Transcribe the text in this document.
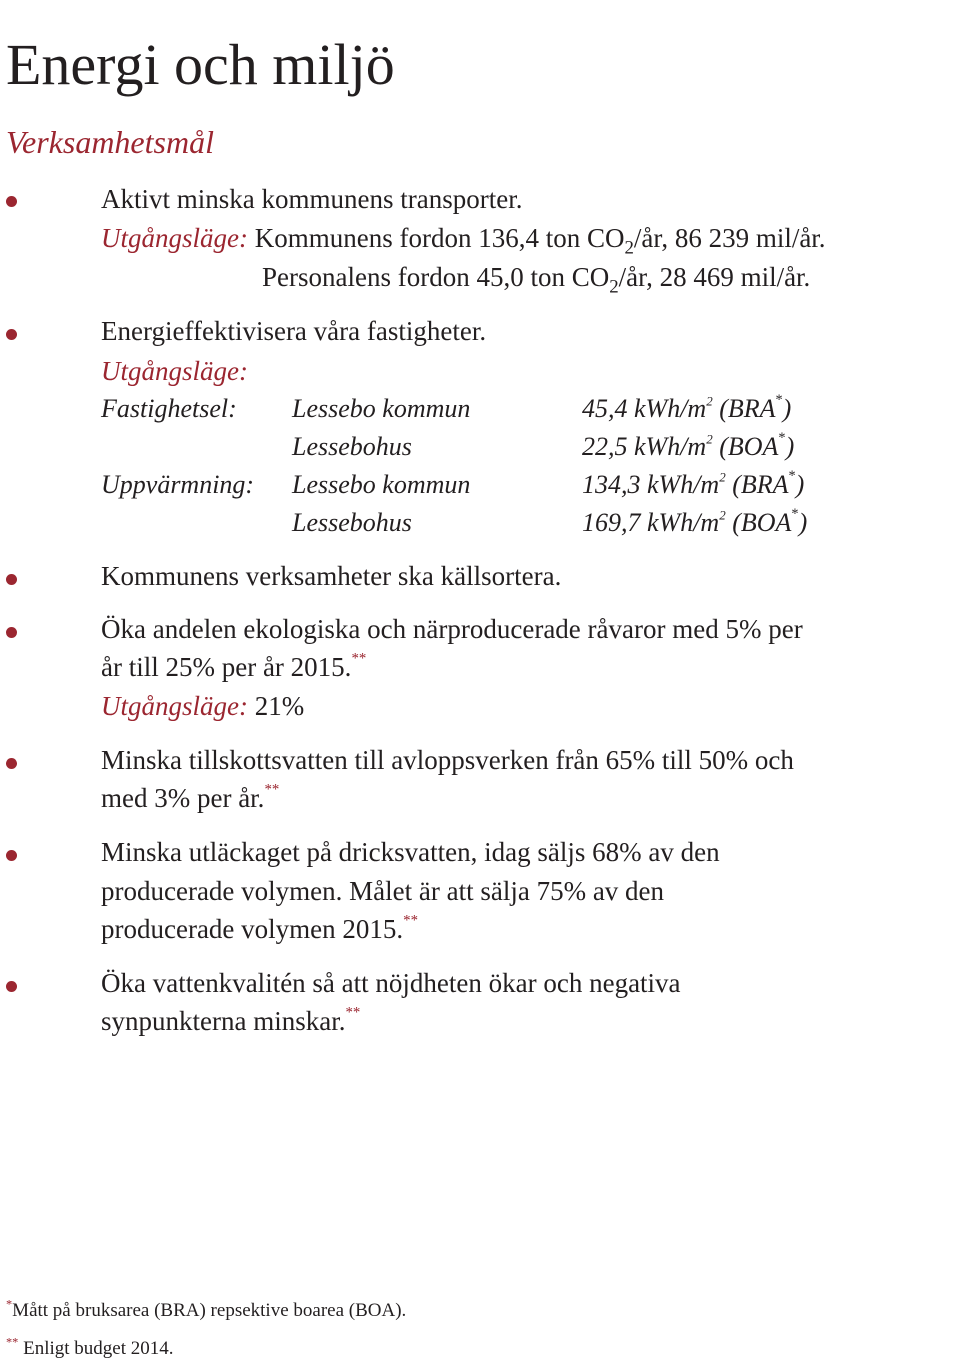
Energi och miljö
Verksamhetsmål
Aktivt minska kommunens transporter.
Utgångsläge: Kommunens fordon 136,4 ton $CO_2/år$, 86 239 mil/år.
Personalens fordon 45,0 ton $CO_2/år$, 28 469 mil/år.
Energieffektivisera våra fastigheter.
Utgångsläge:
Fastighetsel: Lessebo kommun	45,4 kWh/$m^2$ (BRA*)
Lessebohus	22,5 kWh/$m^2$ (BOA*)
Uppvärmning: Lessebo kommun	134,3 kWh/$m^2$ (BRA*)
Lessebohus	169,7 kWh/$m^2$ (BOA*)
Kommunens verksamheter ska källsortera.
Öka andelen ekologiska och närproducerade råvaror med 5% per
år till 25% per år 2015.**
Utgångsläge: 21%
Minska tillskottsvatten till avloppsverken från 65% till 50% och
med 3% per år.**
Minska utläckaget på dricksvatten, idag säljs 68% av den
producerade volymen. Målet är att sälja 75% av den
producerade volymen 2015.**
Öka vattenkvalitén så att nöjdheten ökar och negativa
synpunkterna minskar.**
*Mått på bruksarea (BRA) repsektive boarea (BOA).
** Enligt budget 2014.
